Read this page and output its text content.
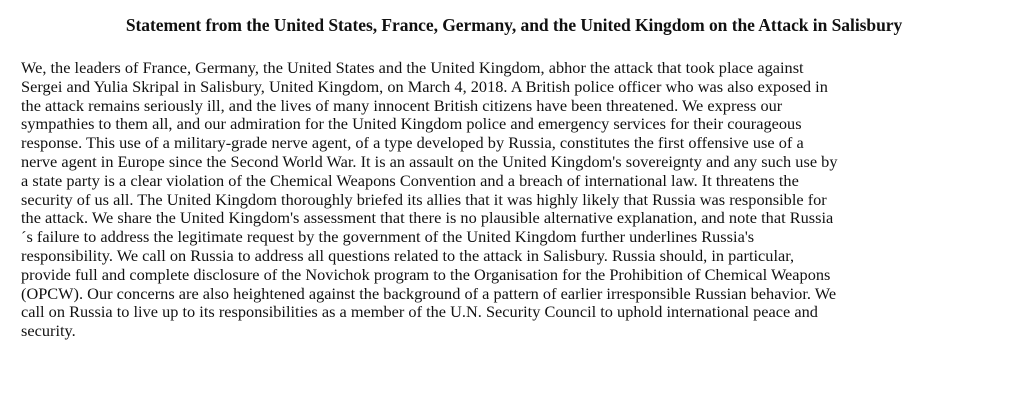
Statement from the United States, France, Germany, and the United Kingdom on the Attack in Salisbury

We, the leaders of France, Germany, the United States and the United Kingdom, abhor the attack that took place against
Sergei and Yulia Skripal in Salisbury, United Kingdom, on March 4, 2018. A British police officer who was also exposed in
the attack remains seriously ill, and the lives of many innocent British citizens have been threatened. We express our
sympathies to them all, and our admiration for the United Kingdom police and emergency services for their courageous
response. This use of a military-grade nerve agent, of a type developed by Russia, constitutes the first offensive use of a
nerve agent in Europe since the Second World War. It is an assault on the United Kingdom's sovereignty and any such use by
a state party is a clear violation of the Chemical Weapons Convention and a breach of international law. It threatens the
security of us all. The United Kingdom thoroughly briefed its allies that it was highly likely that Russia was responsible for
the attack. We share the United Kingdom's assessment that there is no plausible alternative explanation, and note that Russia
´s failure to address the legitimate request by the government of the United Kingdom further underlines Russia's
responsibility. We call on Russia to address all questions related to the attack in Salisbury. Russia should, in particular,
provide full and complete disclosure of the Novichok program to the Organisation for the Prohibition of Chemical Weapons
(OPCW). Our concerns are also heightened against the background of a pattern of earlier irresponsible Russian behavior. We
call on Russia to live up to its responsibilities as a member of the U.N. Security Council to uphold international peace and
security.
